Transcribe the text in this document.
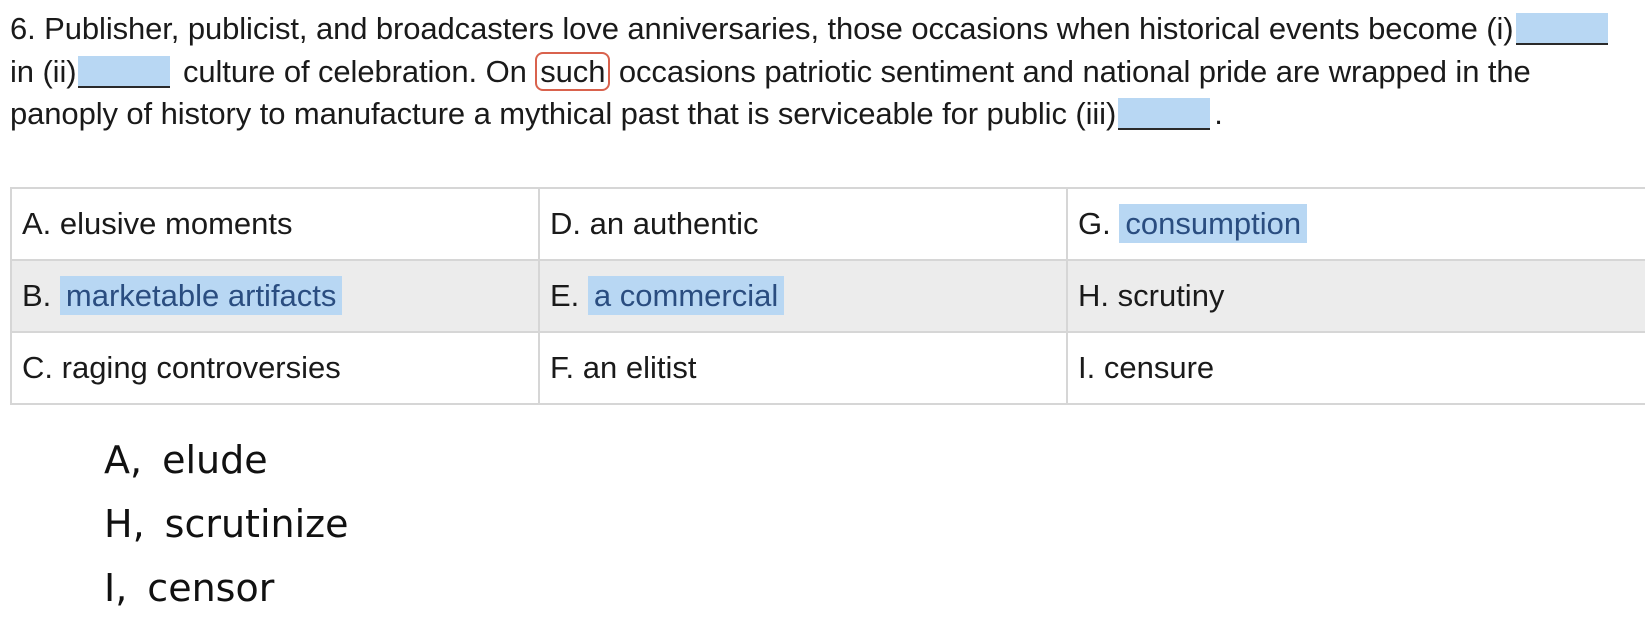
6. Publisher, publicist, and broadcasters love anniversaries, those occasions when historical events become (i) in (ii)	culture of celebration. On such occasions patriotic sentiment and national pride are wrapped in the panoply of history to manufacture a mythical past that is serviceable for public (iii)	.
A. elusive moments	D. an authentic	G. consumption
B. marketable artifacts	E. a commercial	H. scrutiny
C. raging controversies	F. an elitist	I. censure
A, elude
H, scrutinize
I, censor
